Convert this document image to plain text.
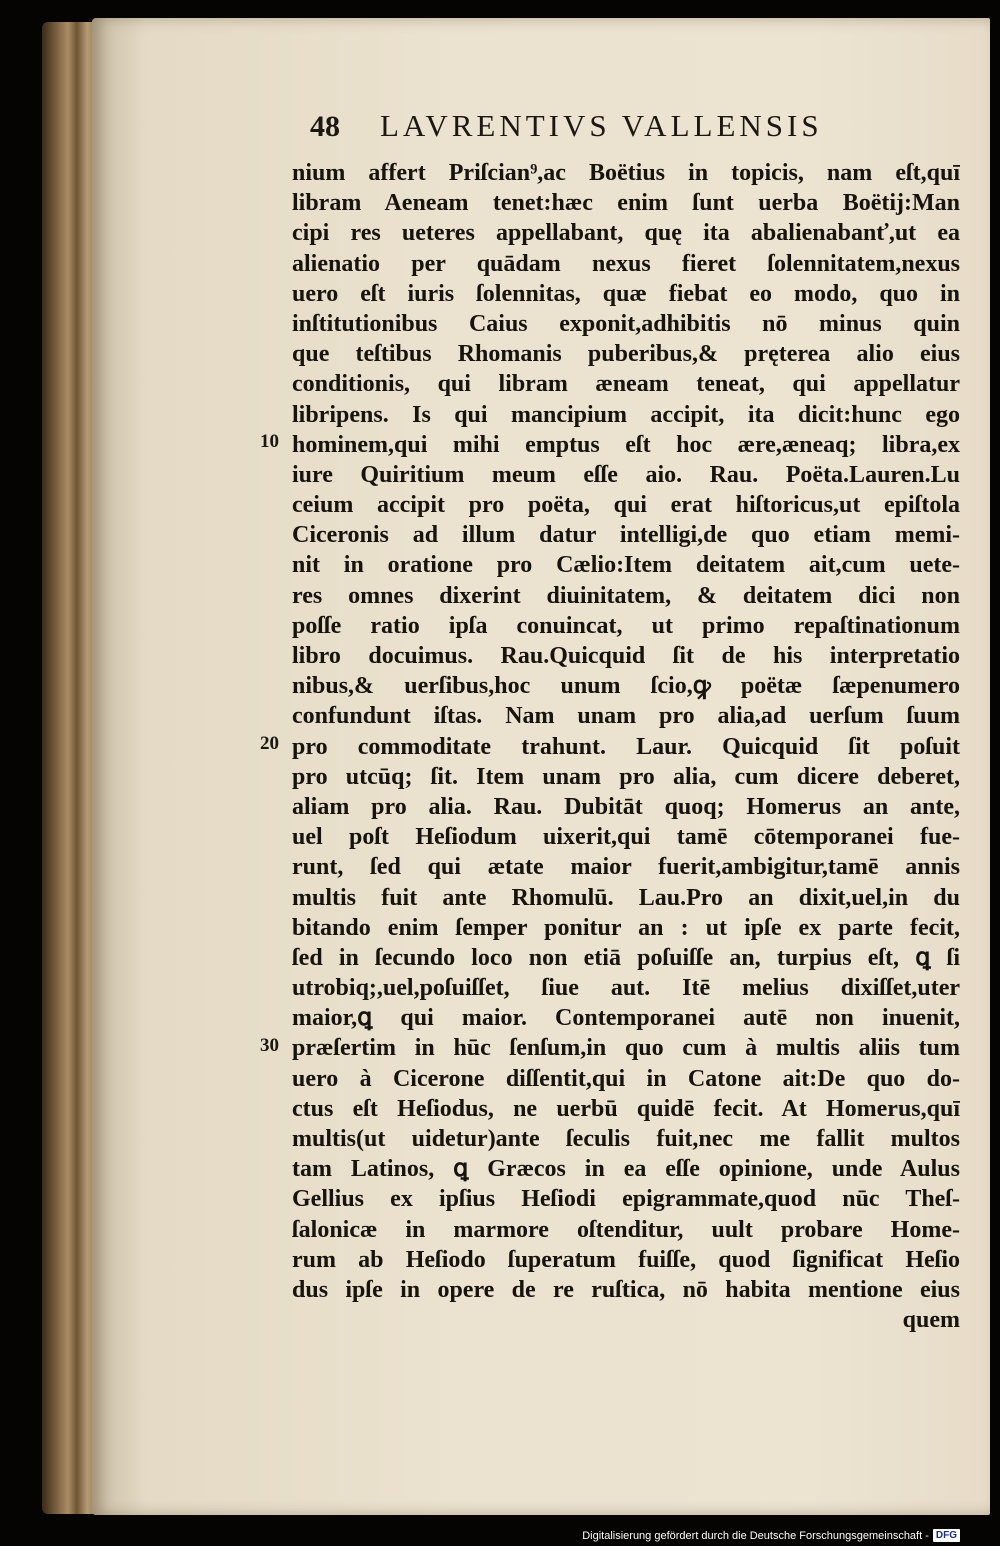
48 LAVRENTIVS VALLENSIS
10
20
30
nium affert Priſcian⁹,ac Boëtius in topicis, nam eſt,quī
libram Aeneam tenet:hæc enim ſunt uerba Boëtij:Man
cipi res ueteres appellabant, quę ita abalienabanť,ut ea
alienatio per quādam nexus fieret ſolennitatem,nexus
uero eſt iuris ſolennitas, quæ fiebat eo modo, quo in
inſtitutionibus Caius exponit,adhibitis nō minus quin
que teſtibus Rhomanis puberibus,& pręterea alio eius
conditionis, qui libram æneam teneat, qui appellatur
libripens. Is qui mancipium accipit, ita dicit:hunc ego
hominem,qui mihi emptus eſt hoc ære,æneaq; libra,ex
iure Quiritium meum eſſe aio. Rau. Poëta.Lauren.Lu
ceium accipit pro poëta, qui erat hiſtoricus,ut epiſtola
Ciceronis ad illum datur intelligi,de quo etiam memi-
nit in oratione pro Cælio:Item deitatem ait,cum uete-
res omnes dixerint diuinitatem, & deitatem dici non
poſſe ratio ipſa conuincat, ut primo repaſtinationum
libro docuimus. Rau.Quicquid ſit de his interpretatio
nibus,& uerſibus,hoc unum ſcio,ꝙ poëtæ ſæpenumero
confundunt iſtas. Nam unam pro alia,ad uerſum ſuum
pro commoditate trahunt. Laur. Quicquid ſit poſuit
pro utcūq; ſit. Item unam pro alia, cum dicere deberet,
aliam pro alia. Rau. Dubitāt quoq; Homerus an ante,
uel poſt Heſiodum uixerit,qui tamē cōtemporanei fue-
runt, ſed qui ætate maior fuerit,ambigitur,tamē annis
multis fuit ante Rhomulū. Lau.Pro an dixit,uel,in du
bitando enim ſemper ponitur an : ut ipſe ex parte fecit,
ſed in ſecundo loco non etiā poſuiſſe an, turpius eſt, ꝗ ſi
utrobiq;,uel,poſuiſſet, ſiue aut. Itē melius dixiſſet,uter
maior,ꝗ qui maior. Contemporanei autē non inuenit,
præſertim in hūc ſenſum,in quo cum à multis aliis tum
uero à Cicerone diſſentit,qui in Catone ait:De quo do-
ctus eſt Heſiodus, ne uerbū quidē fecit. At Homerus,quī
multis(ut uidetur)ante ſeculis fuit,nec me fallit multos
tam Latinos, ꝗ Græcos in ea eſſe opinione, unde Aulus
Gellius ex ipſius Heſiodi epigrammate,quod nūc Theſ-
ſalonicæ in marmore oſtenditur, uult probare Home-
rum ab Heſiodo ſuperatum fuiſſe, quod ſignificat Heſio
dus ipſe in opere de re ruſtica, nō habita mentione eius
quem
Digitalisierung gefördert durch die Deutsche Forschungsgemeinschaft - DFG
